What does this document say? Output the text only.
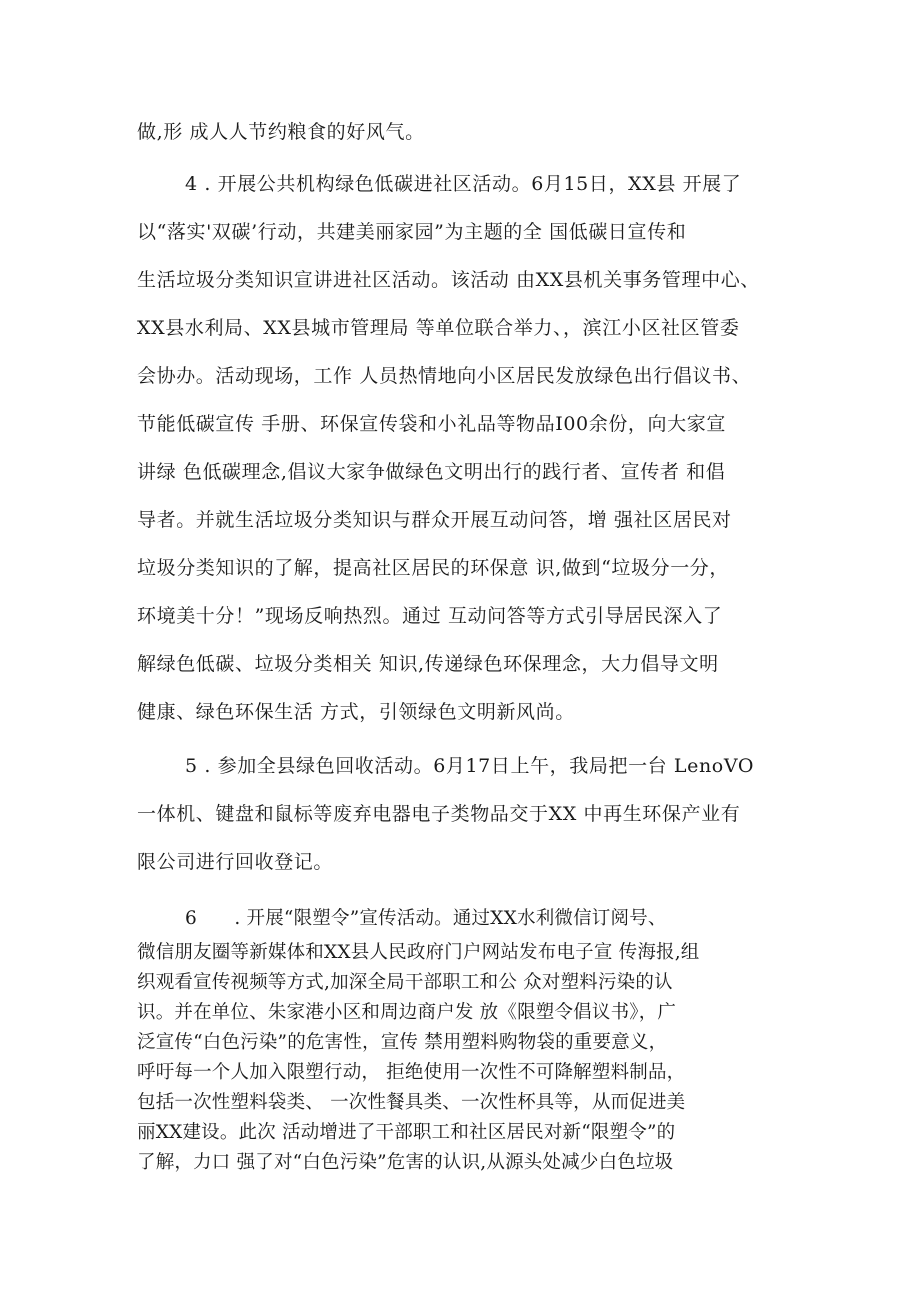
做,形 成人人节约粮食的好风气。
4 . 开展公共机构绿色低碳进社区活动。6月15日，XX县 开展了
以“落实'双碳’行动，共建美丽家园”为主题的全 国低碳日宣传和
生活垃圾分类知识宣讲进社区活动。该活动 由XX县机关事务管理中心、
XX县水利局、XX县城市管理局 等单位联合举力、，滨江小区社区管委
会协办。活动现场，工作 人员热情地向小区居民发放绿色出行倡议书、
节能低碳宣传 手册、环保宣传袋和小礼品等物品I00余份，向大家宣
讲绿 色低碳理念,倡议大家争做绿色文明出行的践行者、宣传者 和倡
导者。并就生活垃圾分类知识与群众开展互动问答，增 强社区居民对
垃圾分类知识的了解，提高社区居民的环保意 识,做到“垃圾分一分，
环境美十分！”现场反响热烈。通过 互动问答等方式引导居民深入了
解绿色低碳、垃圾分类相关 知识,传递绿色环保理念，大力倡导文明
健康、绿色环保生活 方式，引领绿色文明新风尚。
5 . 参加全县绿色回收活动。6月17日上午，我局把一台 LenoVO
一体机、键盘和鼠标等废弃电器电子类物品交于XX 中再生环保产业有
限公司进行回收登记。
6　　. 开展“限塑令”宣传活动。通过XX水利微信订阅号、
微信朋友圈等新媒体和XX县人民政府门户网站发布电子宣 传海报,组
织观看宣传视频等方式,加深全局干部职工和公 众对塑料污染的认
识。并在单位、朱家港小区和周边商户发 放《限塑令倡议书》，广
泛宣传“白色污染”的危害性，宣传 禁用塑料购物袋的重要意义，
呼吁每一个人加入限塑行动， 拒绝使用一次性不可降解塑料制品，
包括一次性塑料袋类、 一次性餐具类、一次性杯具等，从而促进美
丽XX建设。此次 活动增进了干部职工和社区居民对新“限塑令”的
了解，力口 强了对“白色污染”危害的认识,从源头处减少白色垃圾
